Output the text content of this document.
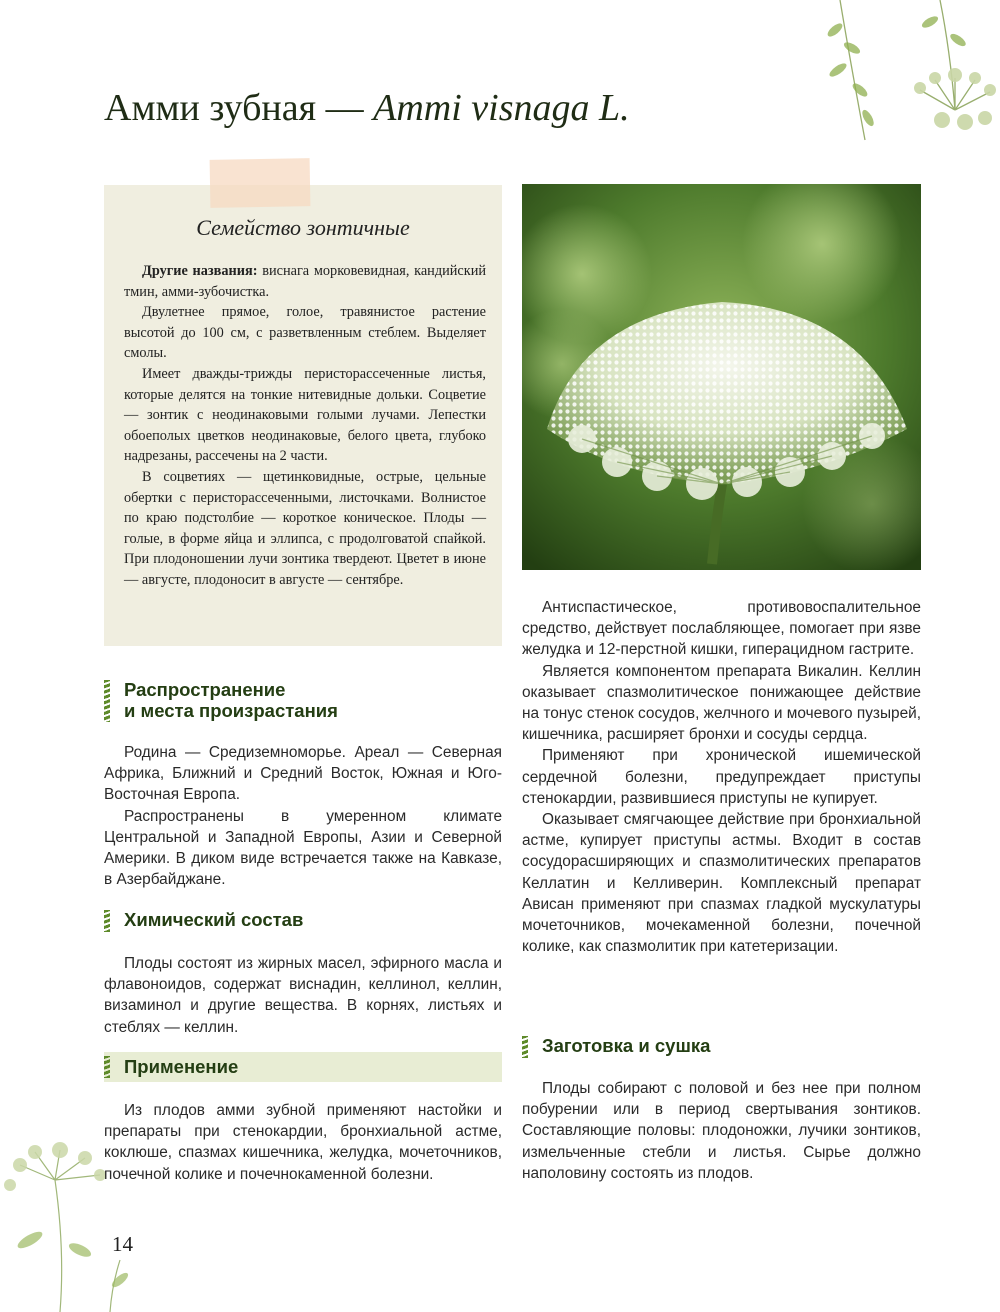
Амми зубная — Ammi visnaga L.
Семейство зонтичные

Другие названия: виснага морковевидная, кандийский тмин, амми-зубочистка.

Двулетнее прямое, голое, травянистое растение высотой до 100 см, с разветвленным стеблем. Выделяет смолы.

Имеет дважды-трижды перисторассеченные листья, которые делятся на тонкие нитевидные дольки. Соцветие — зонтик с неодинаковыми голыми лучами. Лепестки обоеполых цветков неодинаковые, белого цвета, глубоко надрезаны, рассечены на 2 части.

В соцветиях — щетинковидные, острые, цельные обертки с перисторассеченными, листочками. Волнистое по краю подстолбие — короткое коническое. Плоды — голые, в форме яйца и эллипса, с продолговатой спайкой. При плодоношении лучи зонтика твердеют. Цветет в июне — августе, плодоносит в августе — сентябре.

Распространение
и места произрастания

Родина — Средиземноморье. Ареал — Северная Африка, Ближний и Средний Восток, Южная и Юго-Восточная Европа.

Распространены в умеренном климате Центральной и Западной Европы, Азии и Северной Америки. В диком виде встречается также на Кавказе, в Азербайджане.

Химический состав

Плоды состоят из жирных масел, эфирного масла и флавоноидов, содержат виснадин, келлинол, келлин, визаминол и другие вещества. В корнях, листьях и стеблях — келлин.

Применение

Из плодов амми зубной применяют настойки и препараты при стенокардии, бронхиальной астме, коклюше, спазмах кишечника, желудка, мочеточников, почечной колике и почечнокаменной болезни.

Антиспастическое, противовоспалительное средство, действует послабляющее, помогает при язве желудка и 12-перстной кишки, гиперацидном гастрите.

Является компонентом препарата Викалин. Келлин оказывает спазмолитическое понижающее действие на тонус стенок сосудов, желчного и мочевого пузырей, кишечника, расширяет бронхи и сосуды сердца.

Применяют при хронической ишемической сердечной болезни, предупреждает приступы стенокардии, развившиеся приступы не купирует.

Оказывает смягчающее действие при бронхиальной астме, купирует приступы астмы. Входит в состав сосудорасширяющих и спазмолитических препаратов Келлатин и Келливерин. Комплексный препарат Ависан применяют при спазмах гладкой мускулатуры мочеточников, мочекаменной болезни, почечной колике, как спазмолитик при катетеризации.

Заготовка и сушка

Плоды собирают с половой и без нее при полном побурении или в период свертывания зонтиков. Составляющие половы: плодоножки, лучики зонтиков, измельченные стебли и листья. Сырье должно наполовину состоять из плодов.

14
